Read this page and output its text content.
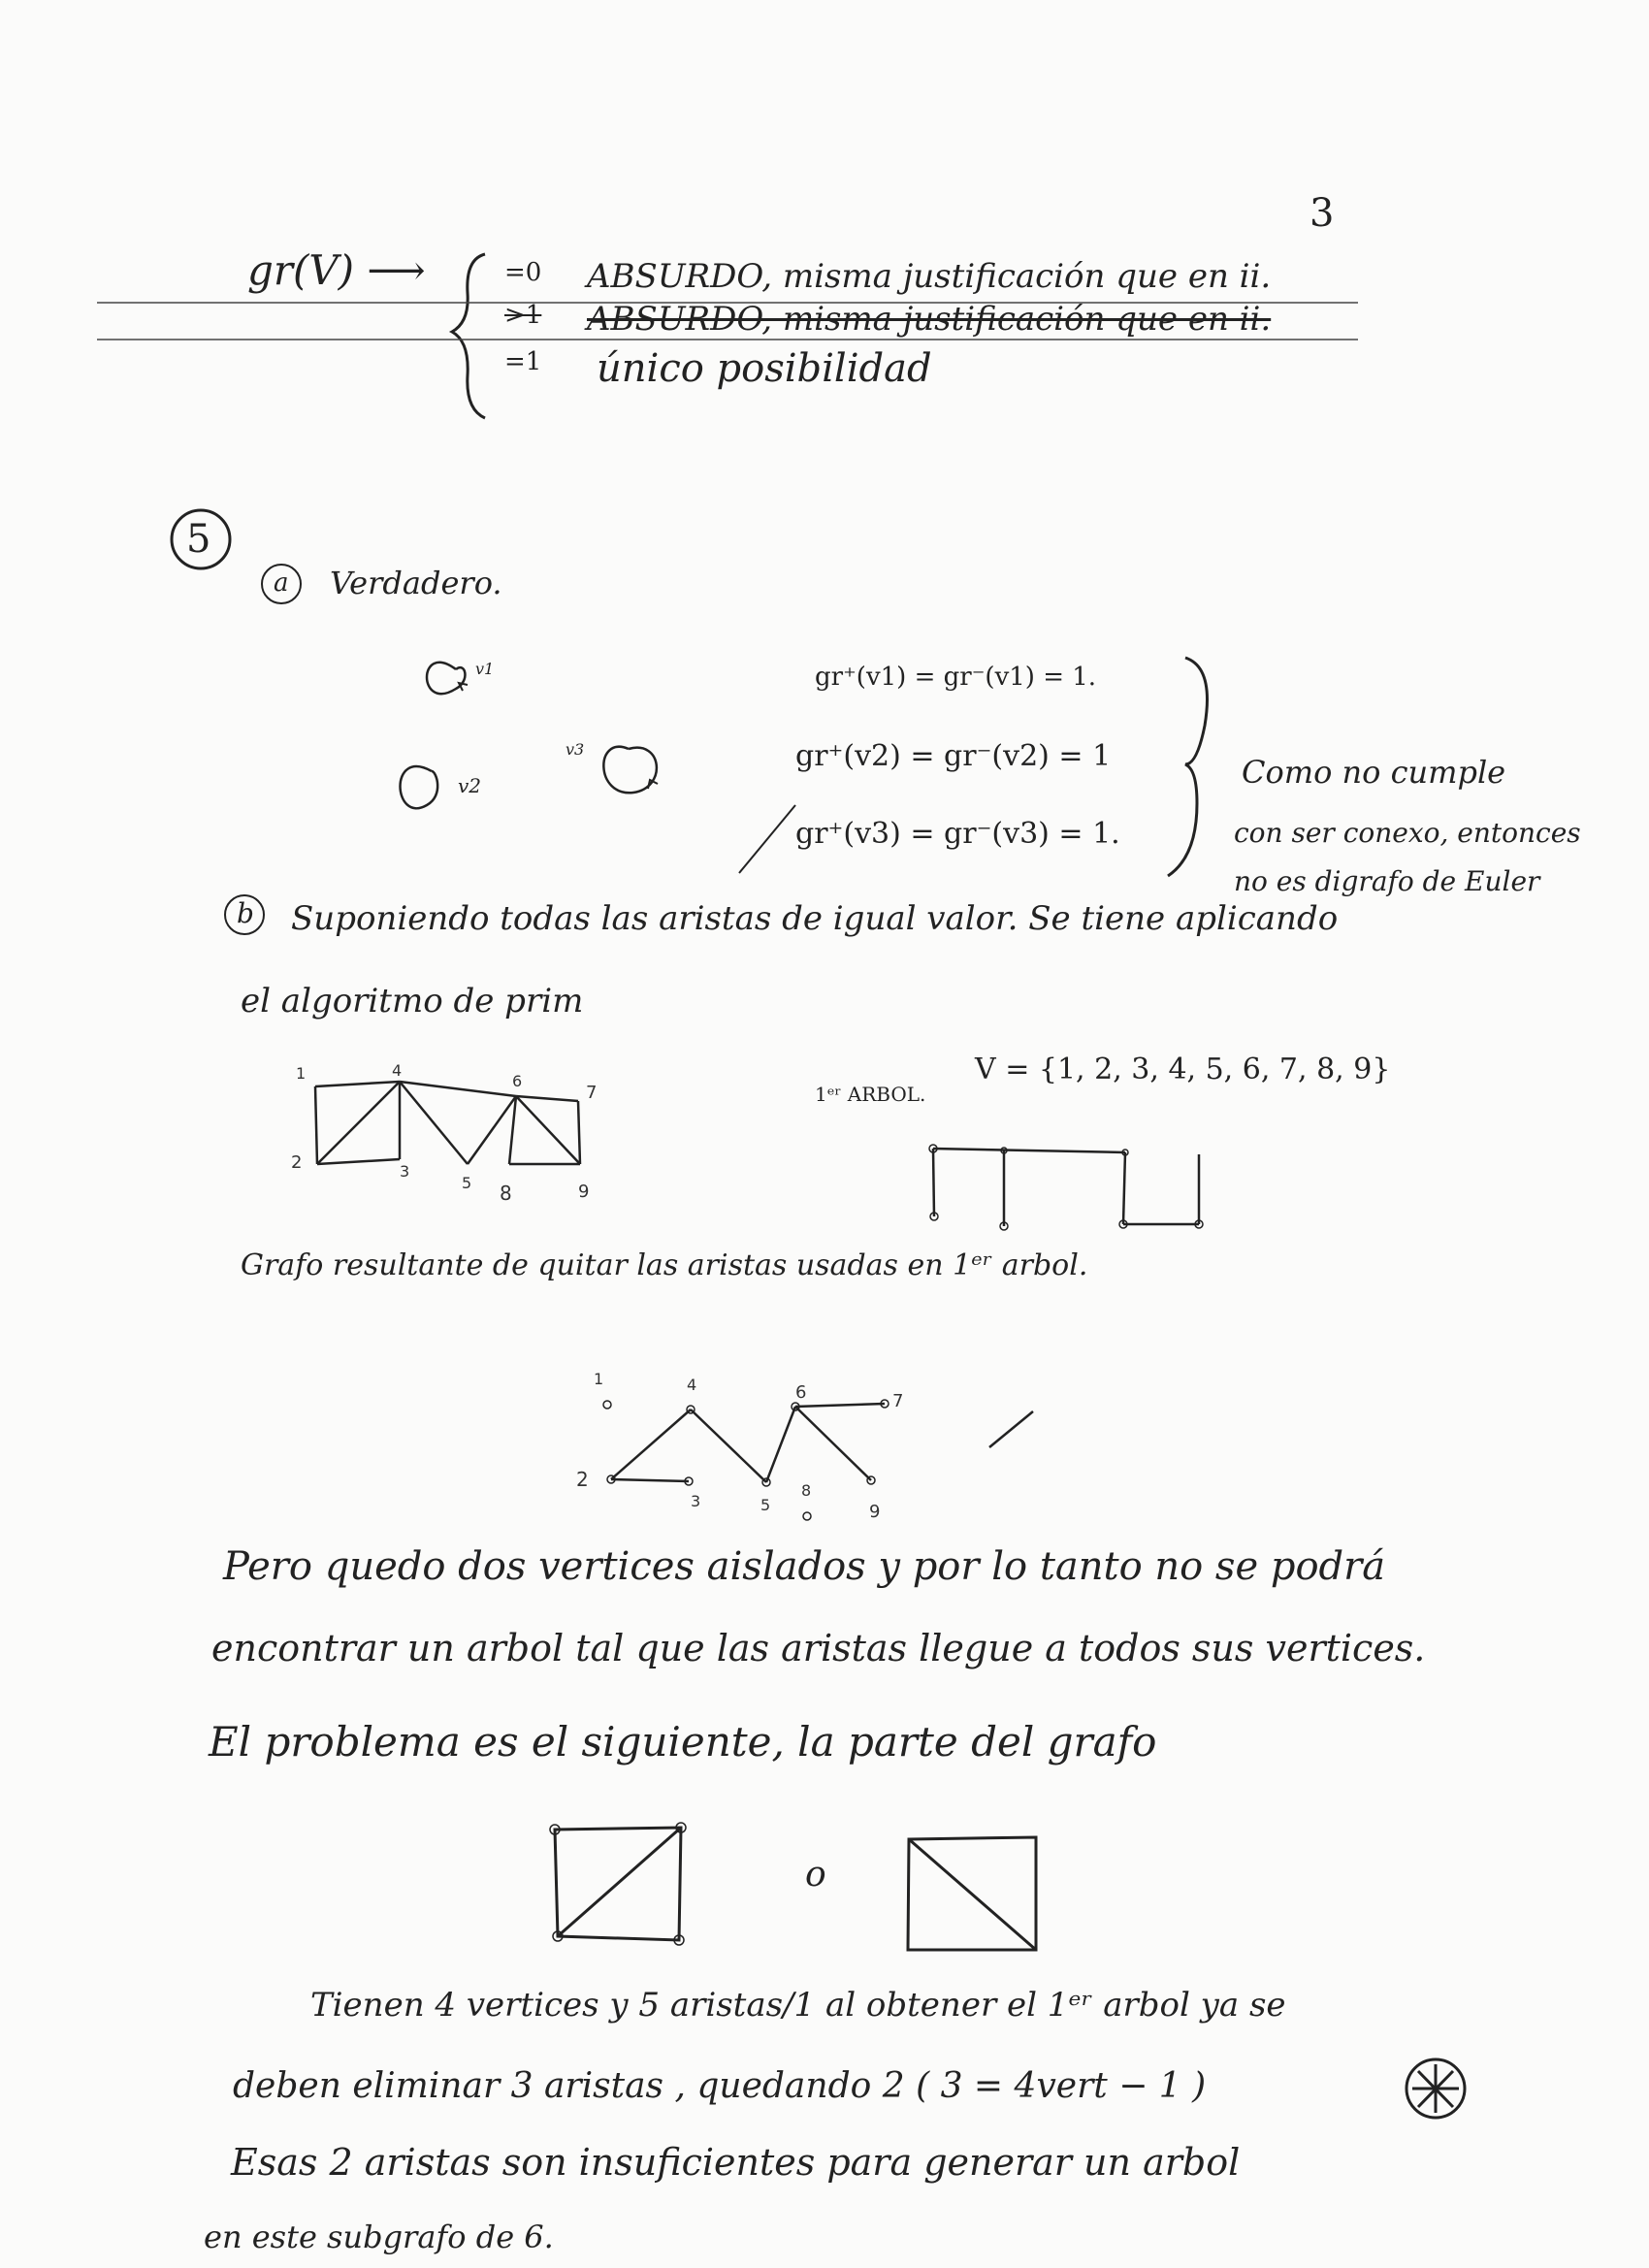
3
gr(V) ⟶	=0 ABSURDO, misma justificación que en ii.
>1 ABSURDO, misma justificación que en ii.
=1 único posibilidad
5
a Verdadero.
v1
v2
v3
gr⁺(v1) = gr⁻(v1) = 1.
gr⁺(v2) = gr⁻(v2) = 1
gr⁺(v3) = gr⁻(v3) = 1.
Como no cumple
con ser conexo, entonces
no es digrafo de Euler
b Suponiendo todas las aristas de igual valor. Se tiene aplicando
el algoritmo de prim
1
2	3
4
5
6
7
8	9
1ᵉʳ ARBOL.
V = {1, 2, 3, 4, 5, 6, 7, 8, 9}
Grafo resultante de quitar las aristas usadas en 1ᵉʳ arbol.
1
2
3
4
5
6	7
8
9
Pero quedo dos vertices aislados y por lo tanto no se podrá
encontrar un arbol tal que las aristas llegue a todos sus vertices.
El problema es el siguiente, la parte del grafo
o
Tienen 4 vertices y 5 aristas/1 al obtener el 1ᵉʳ arbol ya se
deben eliminar 3 aristas , quedando 2 ( 3 = 4vert − 1 )
Esas 2 aristas son insuficientes para generar un arbol
en este subgrafo de 6.
